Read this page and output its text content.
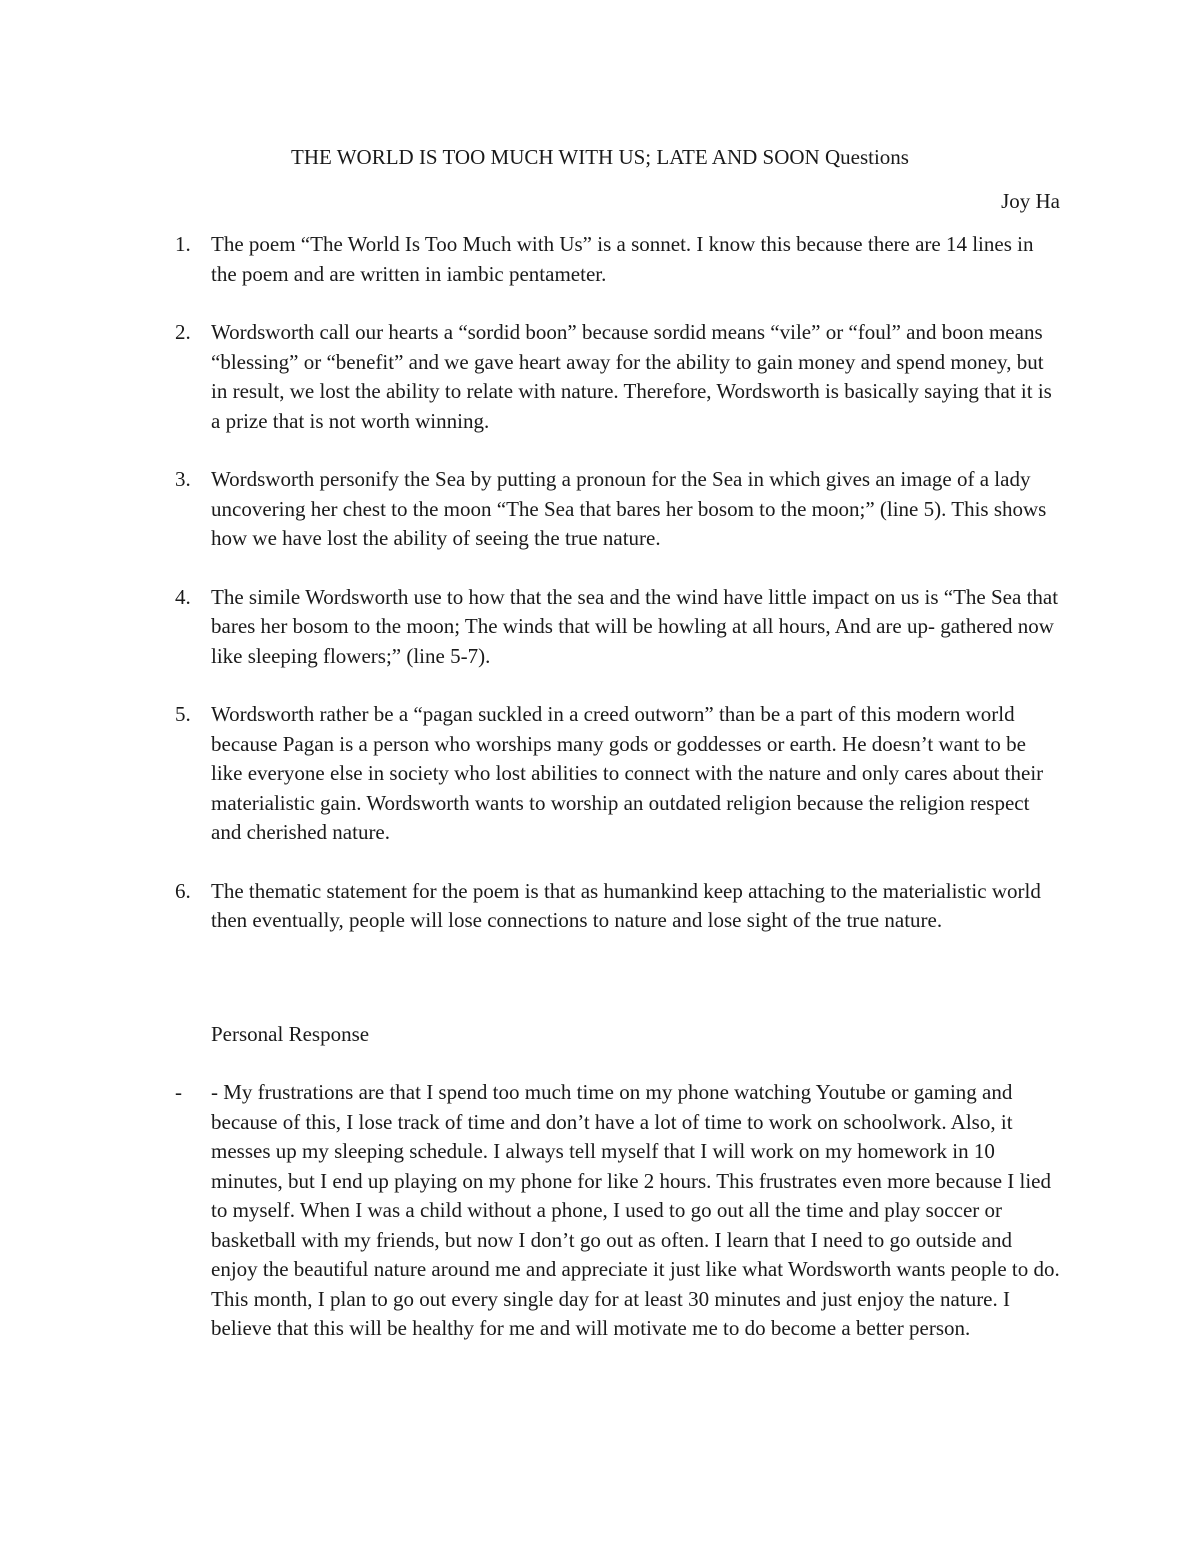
THE WORLD IS TOO MUCH WITH US; LATE AND SOON Questions
Joy Ha
1. The poem “The World Is Too Much with Us” is a sonnet. I know this because there are 14 lines in the poem and are written in iambic pentameter.
2. Wordsworth call our hearts a “sordid boon” because sordid means “vile” or “foul” and boon means “blessing” or “benefit” and we gave heart away for the ability to gain money and spend money, but in result, we lost the ability to relate with nature. Therefore, Wordsworth is basically saying that it is a prize that is not worth winning.
3. Wordsworth personify the Sea by putting a pronoun for the Sea in which gives an image of a lady uncovering her chest to the moon “The Sea that bares her bosom to the moon;” (line 5). This shows how we have lost the ability of seeing the true nature.
4. The simile Wordsworth use to how that the sea and the wind have little impact on us is “The Sea that bares her bosom to the moon; The winds that will be howling at all hours, And are up- gathered now like sleeping flowers;” (line 5-7).
5. Wordsworth rather be a “pagan suckled in a creed outworn” than be a part of this modern world because Pagan is a person who worships many gods or goddesses or earth. He doesn’t want to be like everyone else in society who lost abilities to connect with the nature and only cares about their materialistic gain. Wordsworth wants to worship an outdated religion because the religion respect and cherished nature.
6. The thematic statement for the poem is that as humankind keep attaching to the materialistic world then eventually, people will lose connections to nature and lose sight of the true nature.
Personal Response
- - My frustrations are that I spend too much time on my phone watching Youtube or gaming and because of this, I lose track of time and don’t have a lot of time to work on schoolwork. Also, it messes up my sleeping schedule. I always tell myself that I will work on my homework in 10 minutes, but I end up playing on my phone for like 2 hours. This frustrates even more because I lied to myself. When I was a child without a phone, I used to go out all the time and play soccer or basketball with my friends, but now I don’t go out as often. I learn that I need to go outside and enjoy the beautiful nature around me and appreciate it just like what Wordsworth wants people to do. This month, I plan to go out every single day for at least 30 minutes and just enjoy the nature. I believe that this will be healthy for me and will motivate me to do become a better person.
